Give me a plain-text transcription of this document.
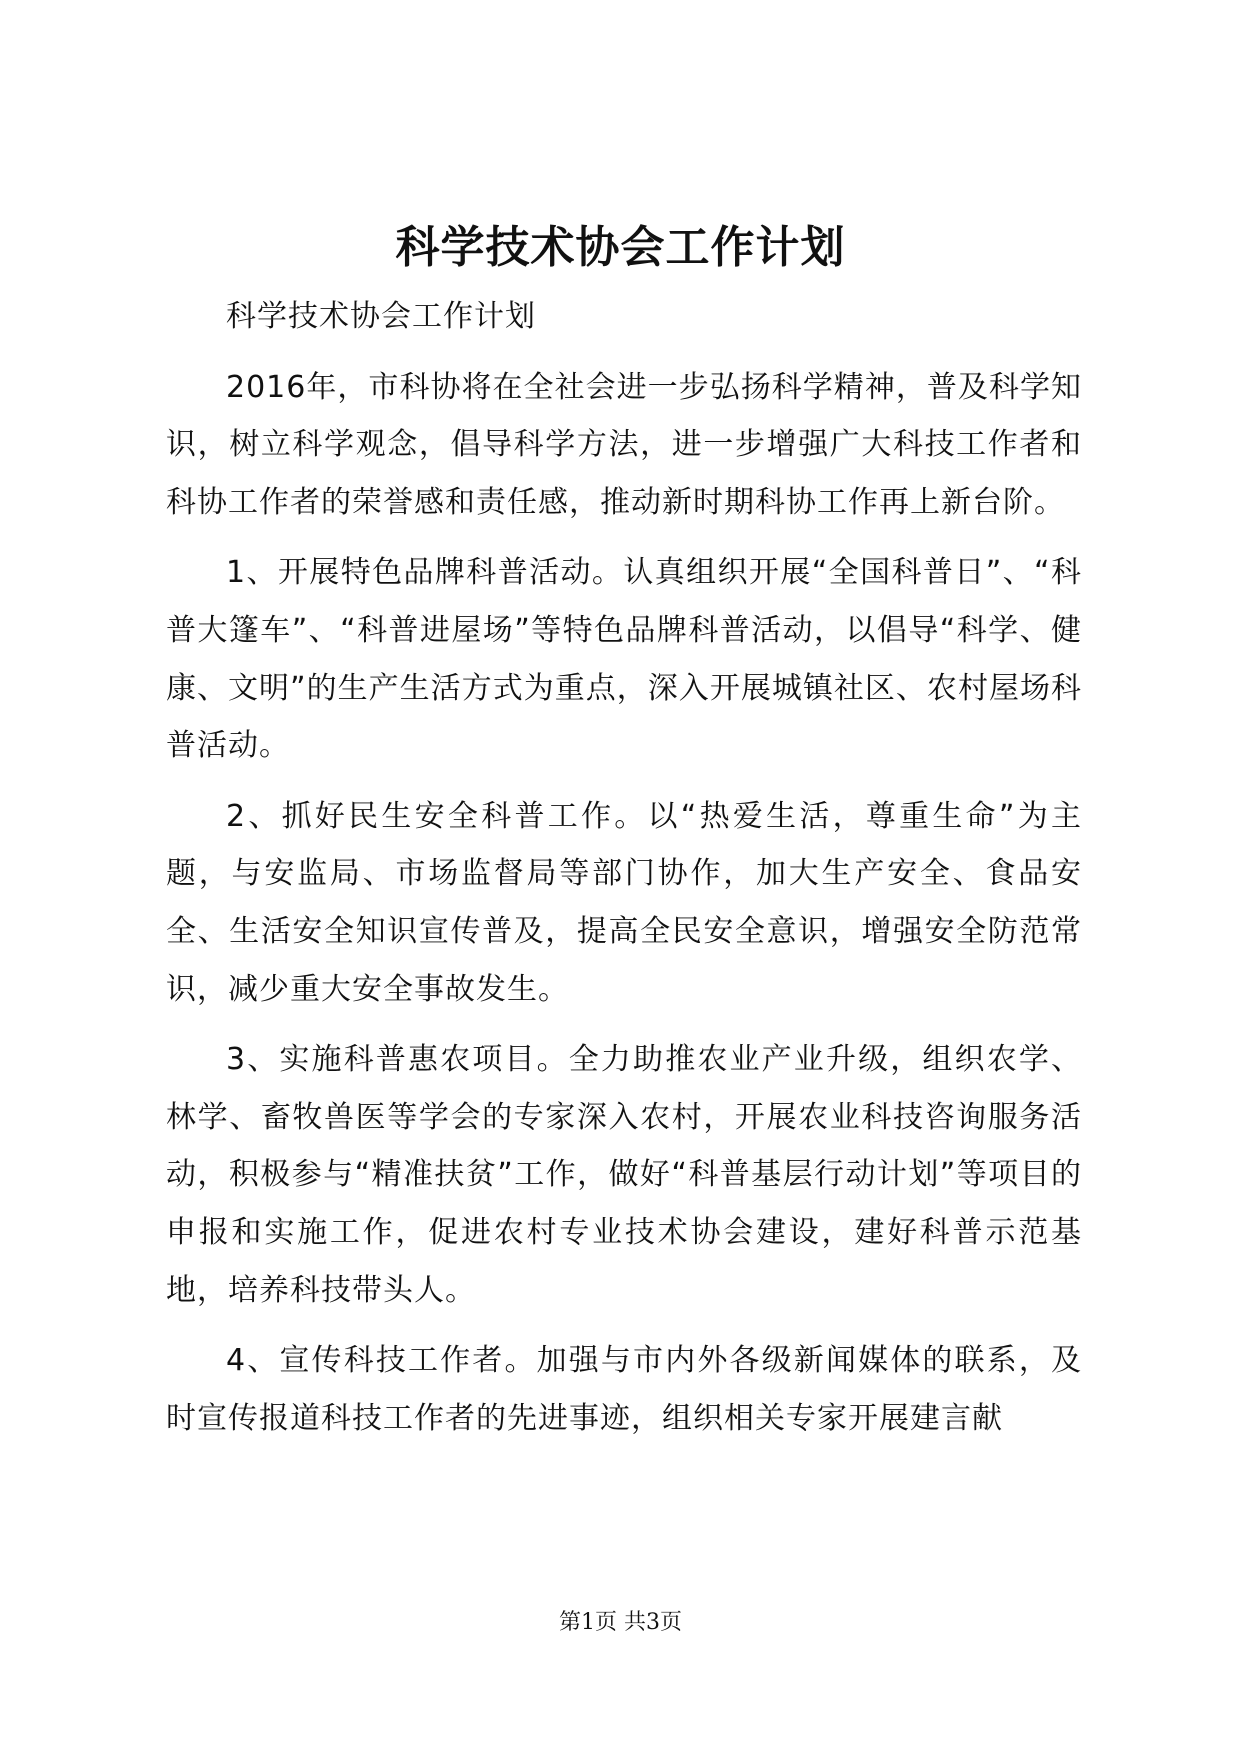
科学技术协会工作计划

科学技术协会工作计划

2016年，市科协将在全社会进一步弘扬科学精神，普及科学知识，树立科学观念，倡导科学方法，进一步增强广大科技工作者和科协工作者的荣誉感和责任感，推动新时期科协工作再上新台阶。

1、开展特色品牌科普活动。认真组织开展“全国科普日”、“科普大篷车”、“科普进屋场”等特色品牌科普活动，以倡导“科学、健康、文明”的生产生活方式为重点，深入开展城镇社区、农村屋场科普活动。

2、抓好民生安全科普工作。以“热爱生活，尊重生命”为主题，与安监局、市场监督局等部门协作，加大生产安全、食品安全、生活安全知识宣传普及，提高全民安全意识，增强安全防范常识，减少重大安全事故发生。

3、实施科普惠农项目。全力助推农业产业升级，组织农学、林学、畜牧兽医等学会的专家深入农村，开展农业科技咨询服务活动，积极参与“精准扶贫”工作，做好“科普基层行动计划”等项目的申报和实施工作，促进农村专业技术协会建设，建好科普示范基地，培养科技带头人。

4、宣传科技工作者。加强与市内外各级新闻媒体的联系，及时宣传报道科技工作者的先进事迹，组织相关专家开展建言献

第1页 共3页
